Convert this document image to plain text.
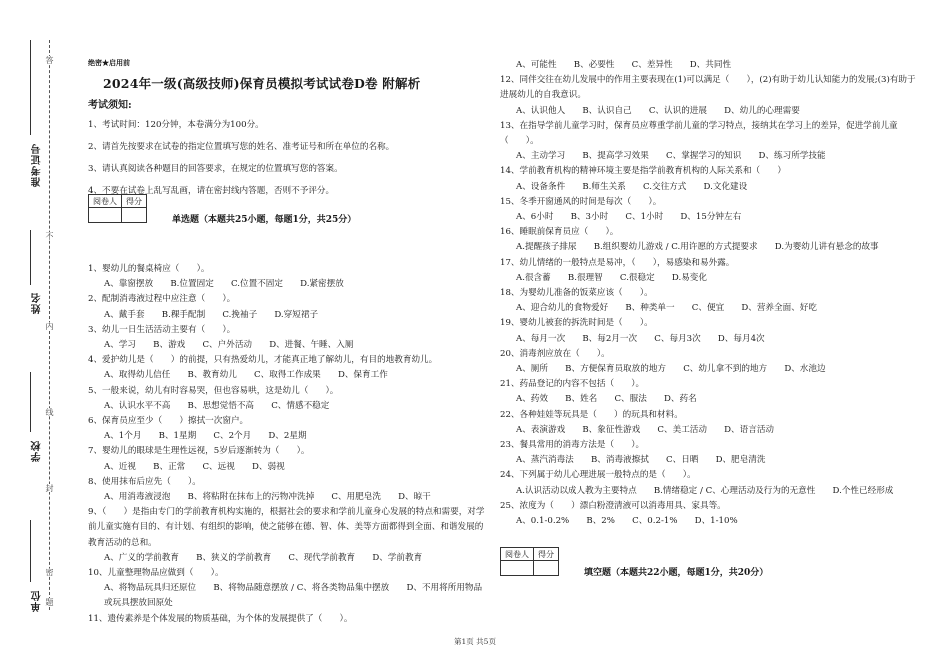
答
不
内
线
封
密
题
准考证号
姓名
学校
单位
绝密★启用前
2024年一级(高级技师)保育员模拟考试试卷D卷 附解析
考试须知:
1、考试时间：120分钟，本卷满分为100分。
2、请首先按要求在试卷的指定位置填写您的姓名、准考证号和所在单位的名称。
3、请认真阅读各种题目的回答要求，在规定的位置填写您的答案。
4、不要在试卷上乱写乱画，请在密封线内答题，否则不予评分。
阅卷人	得分

单选题（本题共25小题，每题1分，共25分）
1、婴幼儿的餐桌椅应（　　）。
A、靠窗摆放　　B.位置固定　　C.位置不固定　　D.紧密摆放
2、配制消毒液过程中应注意（　　）。
A、戴手套　　B.稞手配制　　C.挽袖子　　D.穿短裙子
3、幼儿一日生活活动主要有（　　）。
A、学习　　B、游戏　　C、户外活动　　D、进餐、午睡、入厕
4、爱护幼儿是（　　）的前提，只有热爱幼儿，才能真正地了解幼儿，有目的地教育幼儿。
A、取得幼儿信任　　B、教育幼儿　　C、取得工作成果　　D、保育工作
5、一般来说，幼儿有时容易哭，但也容易哄，这是幼儿（　　）。
A、认识水平不高　　B、思想觉悟不高　　C、情感不稳定
6、保育员应至少（　　）擦拭一次窗户。
A、1个月　　B、1星期　　C、2个月　　D、2星期
7、婴幼儿的眼球是生理性远视，5岁后逐渐转为（　　）。
A、近视　　B、正常　　C、远视　　D、弱视
8、使用抹布后应先（　　）。
A、用消毒液浸泡　　B、将粘附在抹布上的污物冲洗掉　　C、用肥皂洗　　D、晾干
9、（　　）是指由专门的学前教育机构实施的，根据社会的要求和学前儿童身心发展的特点和需要，对学前儿童实施有目的、有计划、有组织的影响，使之能够在德、智、体、美等方面都得到全面、和谐发展的教育活动的总和。
A、广义的学前教育　　B、狭义的学前教育　　C、现代学前教育　　D、学前教育
10、儿童整理物品应做到（　　）。
A、将物品玩具归还原位　　B、将物品随意摆放 / C、将各类物品集中摆放　　D、不用将所用物品或玩具摆放回原处
11、遗传素养是个体发展的物质基础，为个体的发展提供了（　　）。
A、可能性　　B、必要性　　C、差异性　　D、共同性
12、同伴交往在幼儿发展中的作用主要表现在(1)可以满足（　　），(2)有助于幼儿认知能力的发展;(3)有助于进展幼儿的自我意识。
A、认识他人　　B、认识自己　　C、认识的进展　　D、幼儿的心理需要
13、在指导学前儿童学习时，保育员应尊重学前儿童的学习特点，接纳其在学习上的差异，促进学前儿童（　　）。
A、主动学习　　B、提高学习效果　　C、掌握学习的知识　　D、练习所学技能
14、学前教育机构的精神环境主要是指学前教育机构的人际关系和（　　）
A、设备条件　　B.师生关系　　C.交往方式　　D.文化建设
15、冬季开窗通风的时间是每次（　　）。
A、6小时　　B、3小时　　C、1小时　　D、15分钟左右
16、睡眠前保育员应（　　）。
A.提醒孩子排尿　　B.组织婴幼儿游戏 / C.用许愿的方式提要求　　D.为婴幼儿讲有悬念的故事
17、幼儿情绪的一般特点是易冲，（　　），易感染和易外露。
A.很含蓄　　B.很理智　　C.很稳定　　D.易变化
18、为婴幼儿准备的饭菜应该（　　）。
A、迎合幼儿的食物爱好　　B、种类单一　　C、便宜　　D、营养全面、好吃
19、婴幼儿被套的拆洗时间是（　　）。
A、每月一次　　B、每2月一次　　C、每月3次　　D、每月4次
20、消毒剂应放在（　　）。
A、厕所　　B、方便保育员取放的地方　　C、幼儿拿不到的地方　　D、水池边
21、药品登记的内容不包括（　　）。
A、药效　　B、姓名　　C、服法　　D、药名
22、各种娃娃等玩具是（　　）的玩具和材料。
A、表演游戏　　B、象征性游戏　　C、美工活动　　D、语言活动
23、餐具常用的消毒方法是（　　）。
A、蒸汽消毒法　　B、消毒液擦拭　　C、日晒　　D、肥皂清洗
24、下列属于幼儿心理进展一般特点的是（　　）。
A.认识活动以成人教为主要特点　　B.情绪稳定 / C、心理活动及行为的无意性　　D.个性已经形成
25、浓度为（　　）漂白粉澄清液可以消毒用具、家具等。
A、0.1-0.2%　　B、2%　　C、0.2-1%　　D、1-10%
阅卷人	得分

填空题（本题共22小题，每题1分，共20分）
第1页 共5页
